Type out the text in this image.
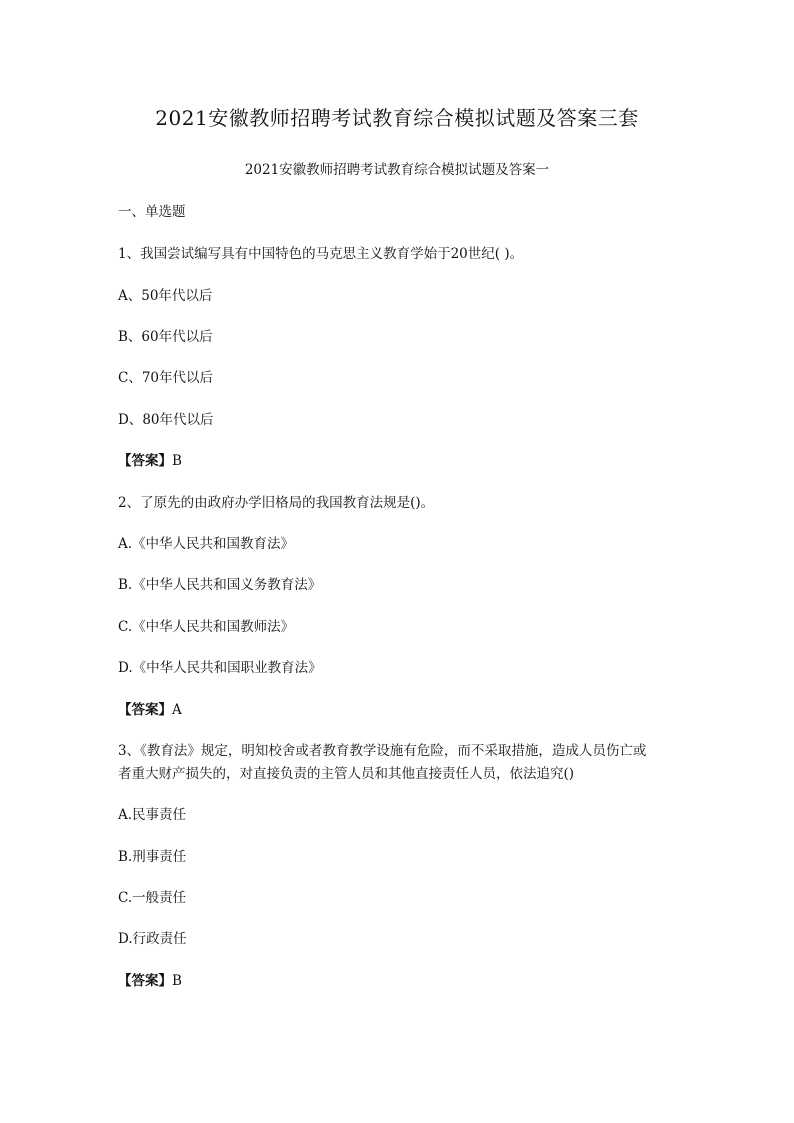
2021安徽教师招聘考试教育综合模拟试题及答案三套
2021安徽教师招聘考试教育综合模拟试题及答案一
一、单选题
1、我国尝试编写具有中国特色的马克思主义教育学始于20世纪( )。
A、50年代以后
B、60年代以后
C、70年代以后
D、80年代以后
【答案】B
2、了原先的由政府办学旧格局的我国教育法规是()。
A.《中华人民共和国教育法》
B.《中华人民共和国义务教育法》
C.《中华人民共和国教师法》
D.《中华人民共和国职业教育法》
【答案】A
3、《教育法》规定，明知校舍或者教育教学设施有危险，而不采取措施，造成人员伤亡或
者重大财产损失的，对直接负责的主管人员和其他直接责任人员，依法追究()
A.民事责任
B.刑事责任
C.一般责任
D.行政责任
【答案】B
